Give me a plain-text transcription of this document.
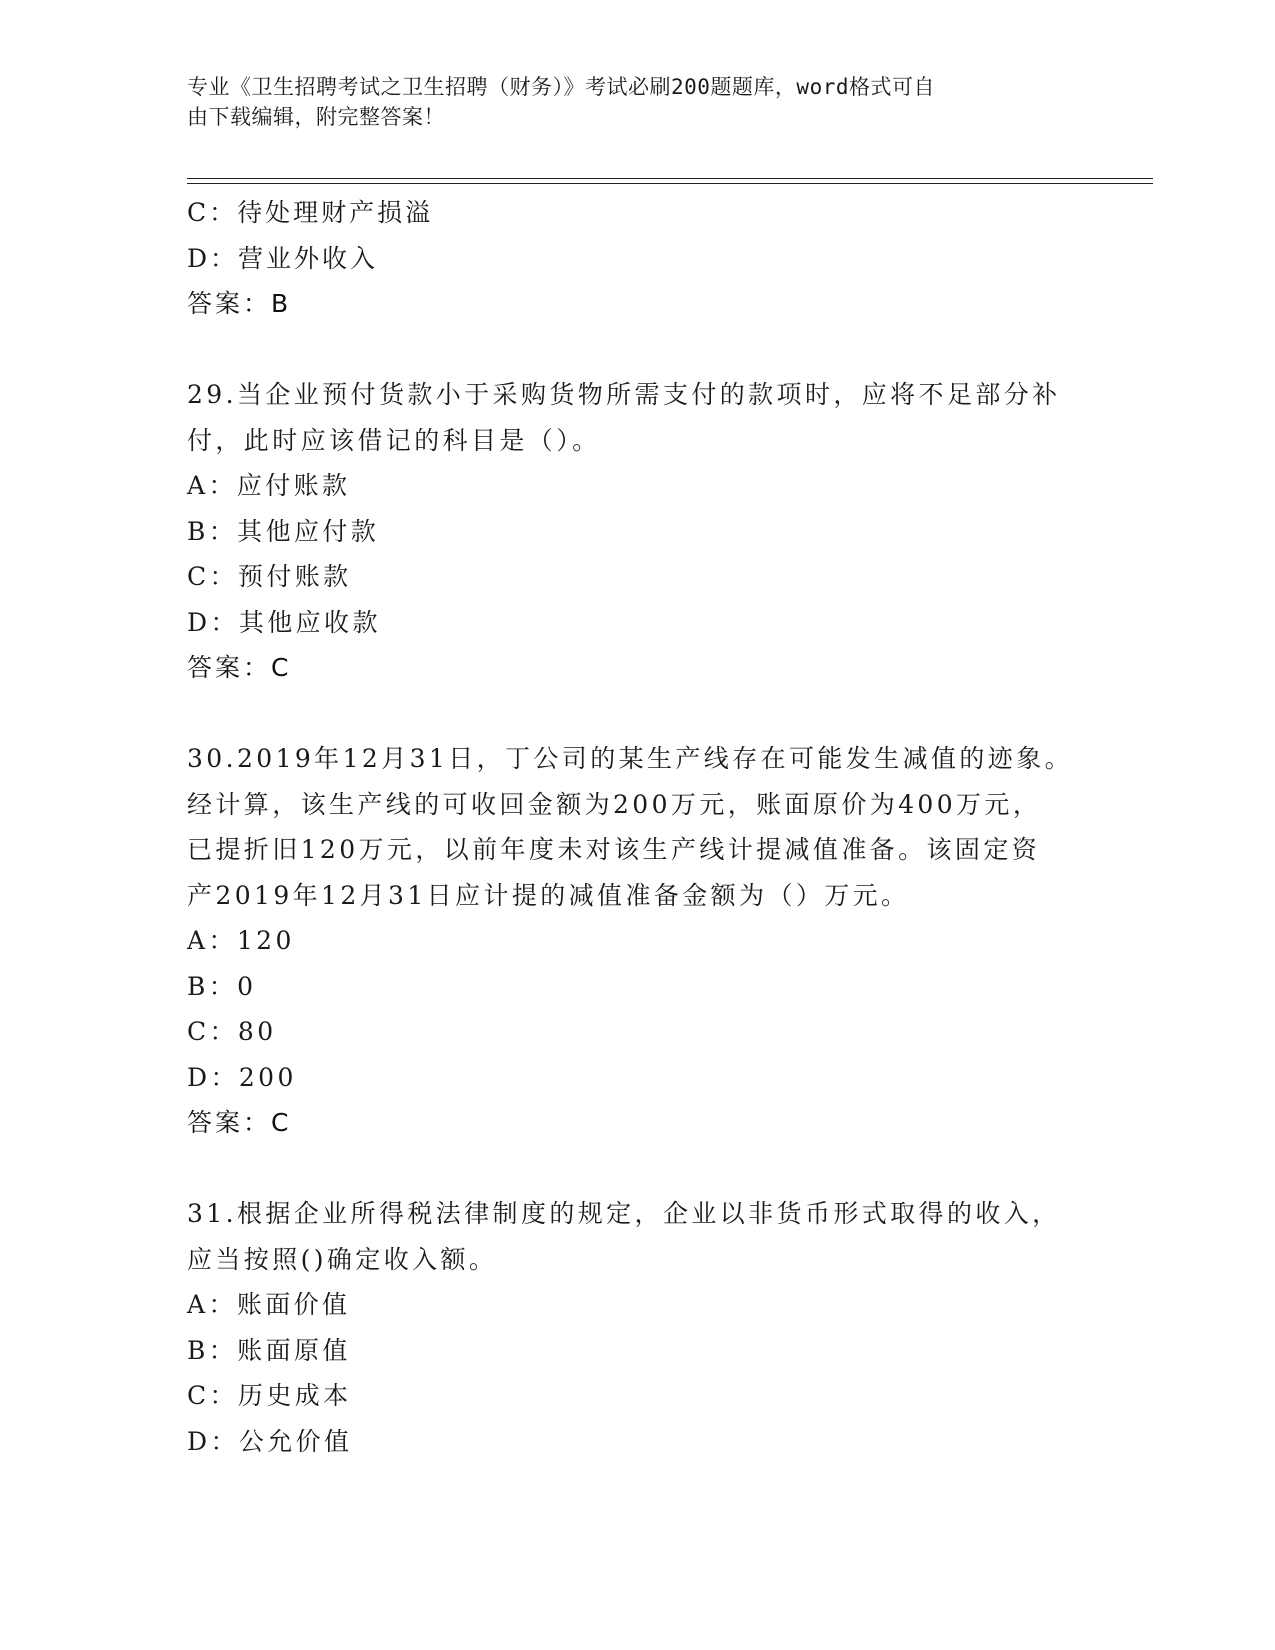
专业《卫生招聘考试之卫生招聘（财务）》考试必刷200题题库，word格式可自
由下载编辑，附完整答案！
C：待处理财产损溢
D：营业外收入
答案：B
29.当企业预付货款小于采购货物所需支付的款项时，应将不足部分补
付，此时应该借记的科目是（）。
A：应付账款
B：其他应付款
C：预付账款
D：其他应收款
答案：C
30.2019年12月31日，丁公司的某生产线存在可能发生减值的迹象。
经计算，该生产线的可收回金额为200万元，账面原价为400万元，
已提折旧120万元，以前年度未对该生产线计提减值准备。该固定资
产2019年12月31日应计提的减值准备金额为（）万元。
A：120
B：0
C：80
D：200
答案：C
31.根据企业所得税法律制度的规定，企业以非货币形式取得的收入，
应当按照()确定收入额。
A：账面价值
B：账面原值
C：历史成本
D：公允价值
